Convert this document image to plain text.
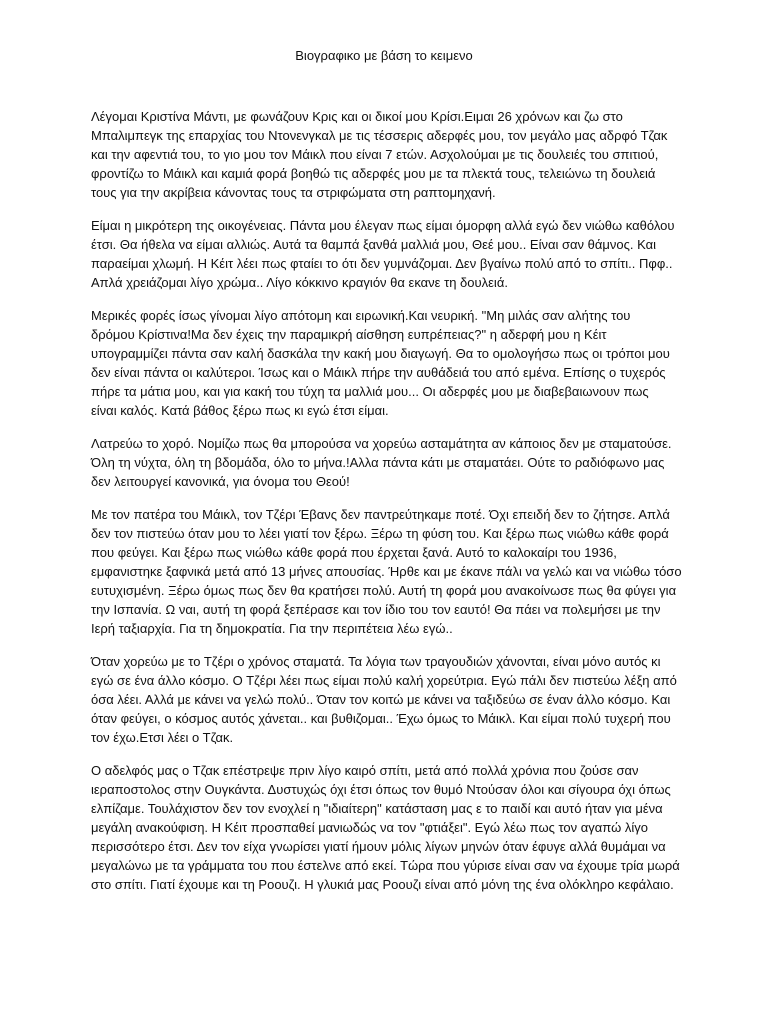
Βιογραφικο με βάση το κειμενο

Λέγομαι Κριστίνα Μάντι, με φωνάζουν Κρις και οι δικοί μου Κρίσι.Ειμαι 26 χρόνων και ζω στο
Μπαλιμπεγκ της επαρχίας του Ντονενγκαλ με τις τέσσερις αδερφές μου, τον μεγάλο μας αδρφό Τζακ
και την αφεντιά του, το γιο μου τον Μάικλ που είναι 7 ετών. Ασχολούμαι με τις δουλειές του σπιτιού,
φροντίζω το Μάικλ και καμιά φορά βοηθώ τις αδερφές μου με τα πλεκτά τους, τελειώνω τη δουλειά
τους για την ακρίβεια κάνοντας τους τα στριφώματα στη ραπτομηχανή.

Είμαι η μικρότερη της οικογένειας. Πάντα μου έλεγαν πως είμαι όμορφη αλλά εγώ δεν νιώθω καθόλου
έτσι. Θα ήθελα να είμαι αλλιώς. Αυτά τα θαμπά ξανθά μαλλιά μου, Θεέ μου.. Είναι σαν θάμνος. Και
παραείμαι χλωμή. Η Κέιτ λέει πως φταίει το ότι δεν γυμνάζομαι. Δεν βγαίνω πολύ από το σπίτι.. Πφφ..
Απλά χρειάζομαι λίγο χρώμα.. Λίγο κόκκινο κραγιόν θα εκανε τη δουλειά.

Μερικές φορές ίσως γίνομαι λίγο απότομη και ειρωνική.Και νευρική. "Μη μιλάς σαν αλήτης του
δρόμου Κρίστινα!Μα δεν έχεις την παραμικρή αίσθηση ευπρέπειας?" η αδερφή μου η Κέιτ
υπογραμμίζει πάντα σαν καλή δασκάλα την κακή μου διαγωγή. Θα το ομολογήσω πως οι τρόποι μου
δεν είναι πάντα οι καλύτεροι. Ίσως και ο Μάικλ πήρε την αυθάδειά του από εμένα. Επίσης ο τυχερός
πήρε τα μάτια μου, και για κακή του τύχη τα μαλλιά μου... Οι αδερφές μου με διαβεβαιωνουν πως
είναι καλός. Κατά βάθος ξέρω πως κι εγώ έτσι είμαι.

Λατρεύω το χορό. Νομίζω πως θα μπορούσα να χορεύω ασταμάτητα αν κάποιος δεν με σταματούσε.
Όλη τη νύχτα, όλη τη βδομάδα, όλο το μήνα.!Αλλα πάντα κάτι με σταματάει. Ούτε το ραδιόφωνο μας
δεν λειτουργεί κανονικά, για όνομα του Θεού!

Με τον πατέρα του Μάικλ, τον Τζέρι Έβανς δεν παντρεύτηκαμε ποτέ. Όχι επειδή δεν το ζήτησε. Απλά
δεν τον πιστεύω όταν μου το λέει γιατί τον ξέρω. Ξέρω τη φύση του. Και ξέρω πως νιώθω κάθε φορά
που φεύγει. Και ξέρω πως νιώθω κάθε φορά που έρχεται ξανά. Αυτό το καλοκαίρι του 1936,
εμφανιστηκε ξαφνικά μετά από 13 μήνες απουσίας. Ήρθε και με έκανε πάλι να γελώ και να νιώθω τόσο
ευτυχισμένη. Ξέρω όμως πως δεν θα κρατήσει πολύ. Αυτή τη φορά μου ανακοίνωσε πως θα φύγει για
την Ισπανία. Ω ναι, αυτή τη φορά ξεπέρασε και τον ίδιο του τον εαυτό! Θα πάει να πολεμήσει με την
Ιερή ταξιαρχία. Για τη δημοκρατία. Για την περιπέτεια λέω εγώ..

Όταν χορεύω με το Τζέρι ο χρόνος σταματά. Τα λόγια των τραγουδιών χάνονται, είναι μόνο αυτός κι
εγώ σε ένα άλλο κόσμο. Ο Τζέρι λέει πως είμαι πολύ καλή χορεύτρια. Εγώ πάλι δεν πιστεύω λέξη από
όσα λέει. Αλλά με κάνει να γελώ πολύ.. Όταν τον κοιτώ με κάνει να ταξιδεύω σε έναν άλλο κόσμο. Και
όταν φεύγει, ο κόσμος αυτός χάνεται.. και βυθιζομαι.. Έχω όμως το Μάικλ. Και είμαι πολύ τυχερή που
τον έχω.Ετσι λέει ο Τζακ.

Ο αδελφός μας ο Τζακ επέστρεψε πριν λίγο καιρό σπίτι, μετά από πολλά χρόνια που ζούσε σαν
ιεραποστολος στην Ουγκάντα. Δυστυχώς όχι έτσι όπως τον θυμό Ντούσαν όλοι και σίγουρα όχι όπως
ελπίζαμε. Τουλάχιστον δεν τον ενοχλεί η "ιδιαίτερη" κατάσταση μας ε το παιδί και αυτό ήταν για μένα
μεγάλη ανακούφιση. Η Κέιτ προσπαθεί μανιωδώς να τον "φτιάξει". Εγώ λέω πως τον αγαπώ λίγο
περισσότερο έτσι. Δεν τον είχα γνωρίσει γιατί ήμουν μόλις λίγων μηνών όταν έφυγε αλλά θυμάμαι να
μεγαλώνω με τα γράμματα του που έστελνε από εκεί. Τώρα που γύρισε είναι σαν να έχουμε τρία μωρά
στο σπίτι. Γιατί έχουμε και τη Ροουζι. Η γλυκιά μας Ροουζι είναι από μόνη της ένα ολόκληρο κεφάλαιο.
